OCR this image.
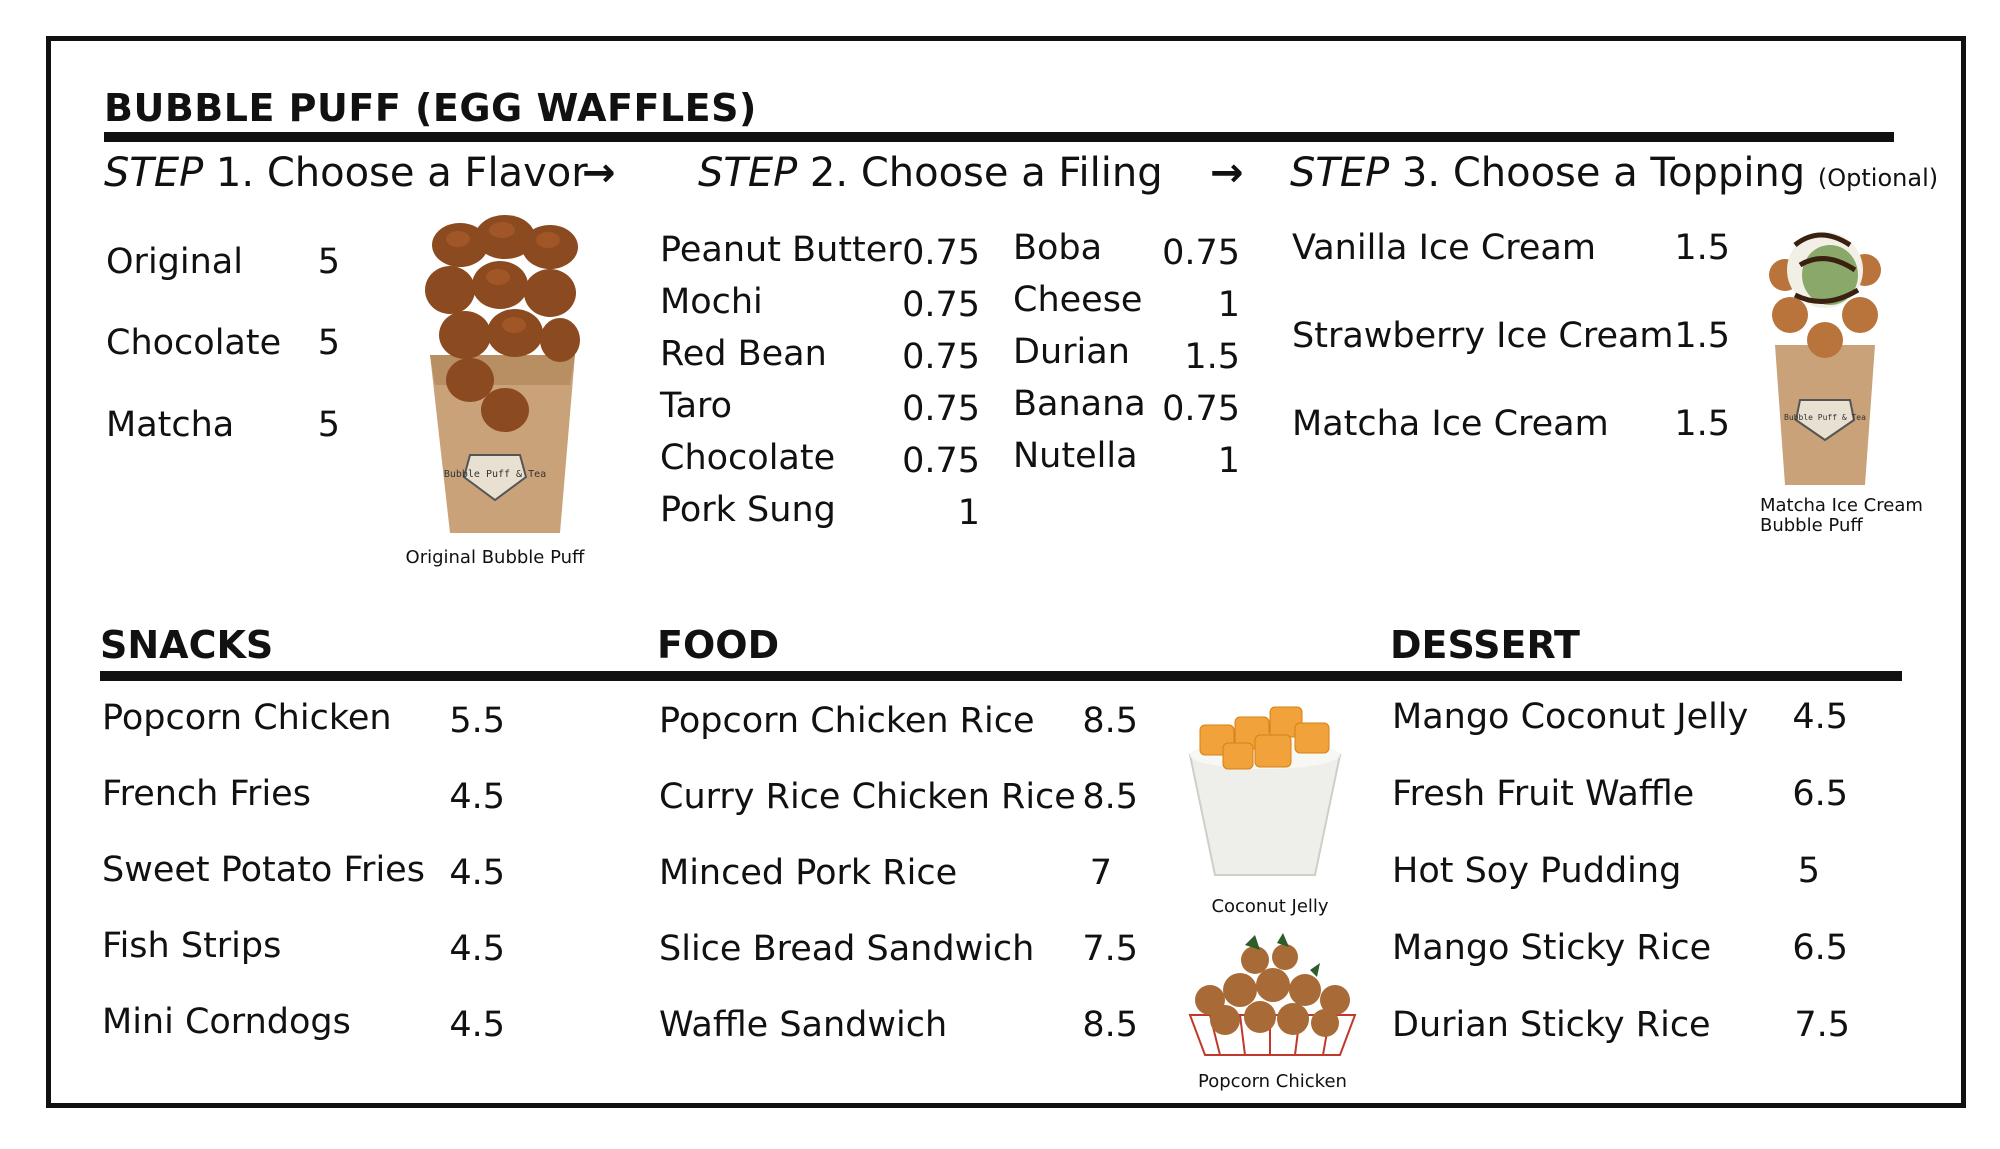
BUBBLE PUFF (EGG WAFFLES)
STEP 1. Choose a Flavor
→ STEP 2. Choose a Filing → STEP 3. Choose a Topping (Optional)
Original	5
Chocolate	5
Matcha	5
Bubble Puff & Tea
Original Bubble Puff
Peanut Butter 0.75
Mochi	0.75
Red Bean	0.75
Taro	0.75
Chocolate	0.75
Pork Sung	1
Boba	0.75
Cheese	1
Durian	1.5
Banana 0.75
Nutella	1
Vanilla Ice Cream	1.5
Strawberry Ice Cream 1.5
Matcha Ice Cream	1.5	Bubble Puff & Tea
Matcha Ice Cream Bubble Puff
SNACKS	FOOD	DESSERT
Popcorn Chicken 5.5
French Fries	4.5
Sweet Potato Fries 4.5
Fish Strips	4.5
Mini Corndogs	4.5
Popcorn Chicken Rice	8.5
Curry Rice Chicken Rice 8.5
Minced Pork Rice	7
Slice Bread Sandwich	7.5
Waffle Sandwich	8.5
Coconut Jelly
Popcorn Chicken
Mango Coconut Jelly	4.5
Fresh Fruit Waffle	6.5
Hot Soy Pudding	5
Mango Sticky Rice	6.5
Durian Sticky Rice	7.5
